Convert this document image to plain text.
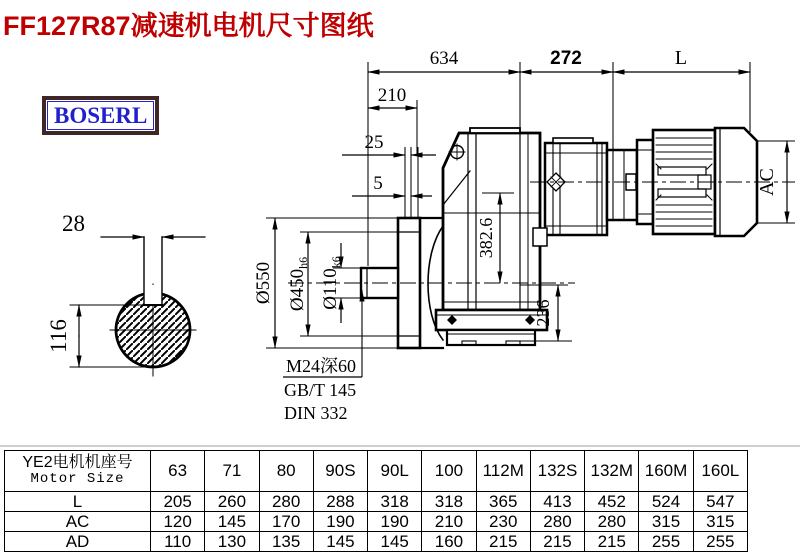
FF127R87减速机电机尺寸图纸
BOSERL
28
116
634	272	L
210
25
5
Ø550 $Ø450_{h6}$
$Ø110_{k6}$
382.6
236
AC
M24深60
GB/T 145
DIN 332
YE2电机机座号
Motor Size	63	71	80	90S	90L	100	112M	132S	132M	160M	160L
L	205	260	280	288	318	318	365	413	452	524	547
AC	120	145	170	190	190	210	230	280	280	315	315
AD	110	130	135	145	145	160	215	215	215	255	255
